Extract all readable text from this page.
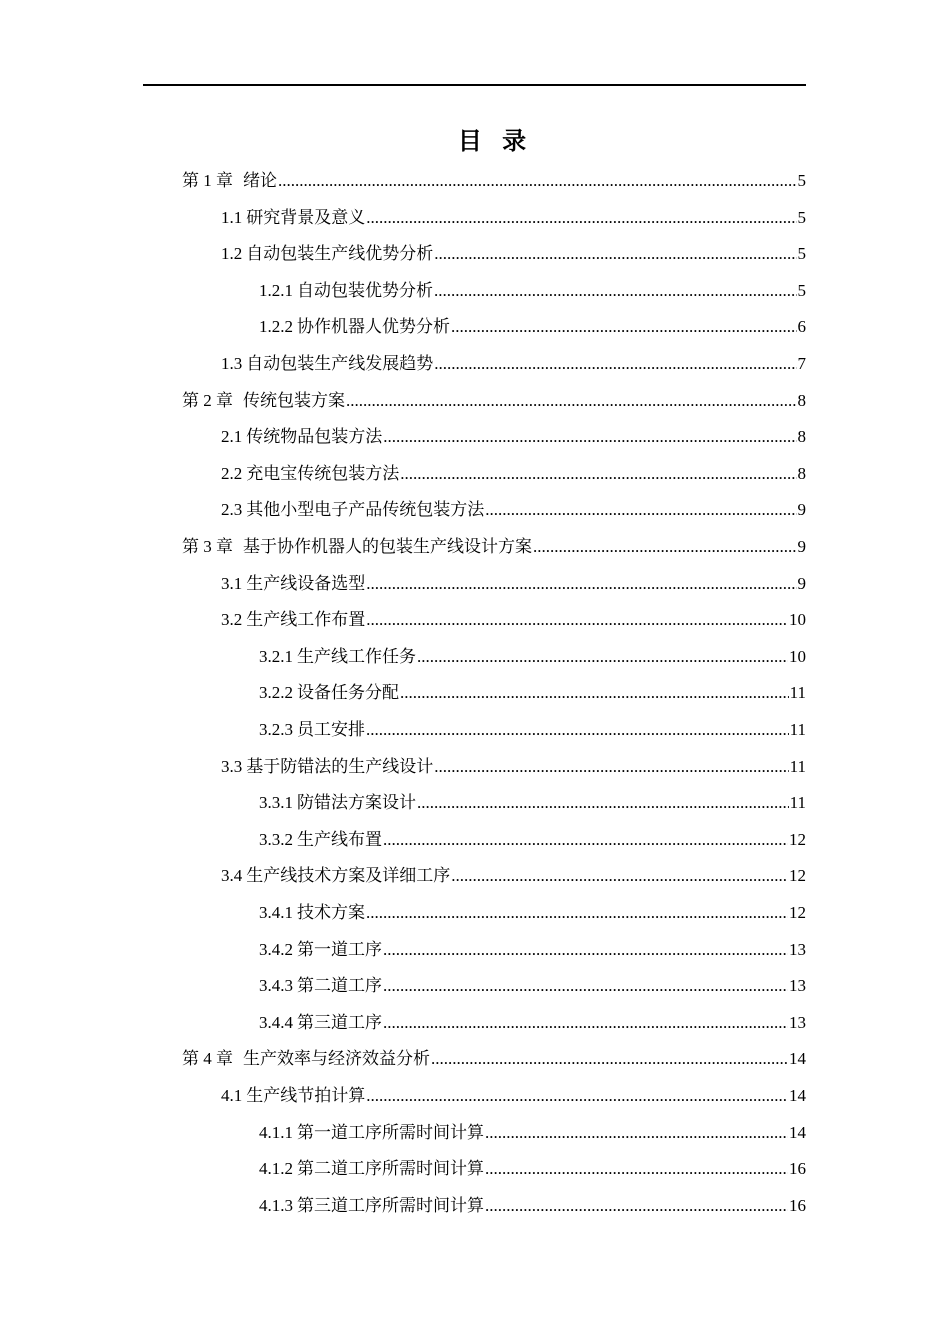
目 录
第 1 章 绪论 .....	5
1.1 研究背景及意义 .....	5
1.2 自动包装生产线优势分析 .....	5
1.2.1 自动包装优势分析 .....	5
1.2.2 协作机器人优势分析 .....	6
1.3 自动包装生产线发展趋势 .....	7
第 2 章 传统包装方案 .....	8
2.1 传统物品包装方法 .....	8
2.2 充电宝传统包装方法 .....	8
2.3 其他小型电子产品传统包装方法 .....	9
第 3 章 基于协作机器人的包装生产线设计方案 .....	9
3.1 生产线设备选型 .....	9
3.2 生产线工作布置 .....	10
3.2.1 生产线工作任务 .....	10
3.2.2 设备任务分配 .....	11
3.2.3 员工安排 .....	11
3.3 基于防错法的生产线设计 .....	11
3.3.1 防错法方案设计 .....	11
3.3.2 生产线布置 .....	12
3.4 生产线技术方案及详细工序 .....	12
3.4.1 技术方案 .....	12
3.4.2 第一道工序 .....	13
3.4.3 第二道工序 .....	13
3.4.4 第三道工序 .....	13
第 4 章 生产效率与经济效益分析 .....	14
4.1 生产线节拍计算 .....	14
4.1.1 第一道工序所需时间计算 .....	14
4.1.2 第二道工序所需时间计算 .....	16
4.1.3 第三道工序所需时间计算 .....	16
